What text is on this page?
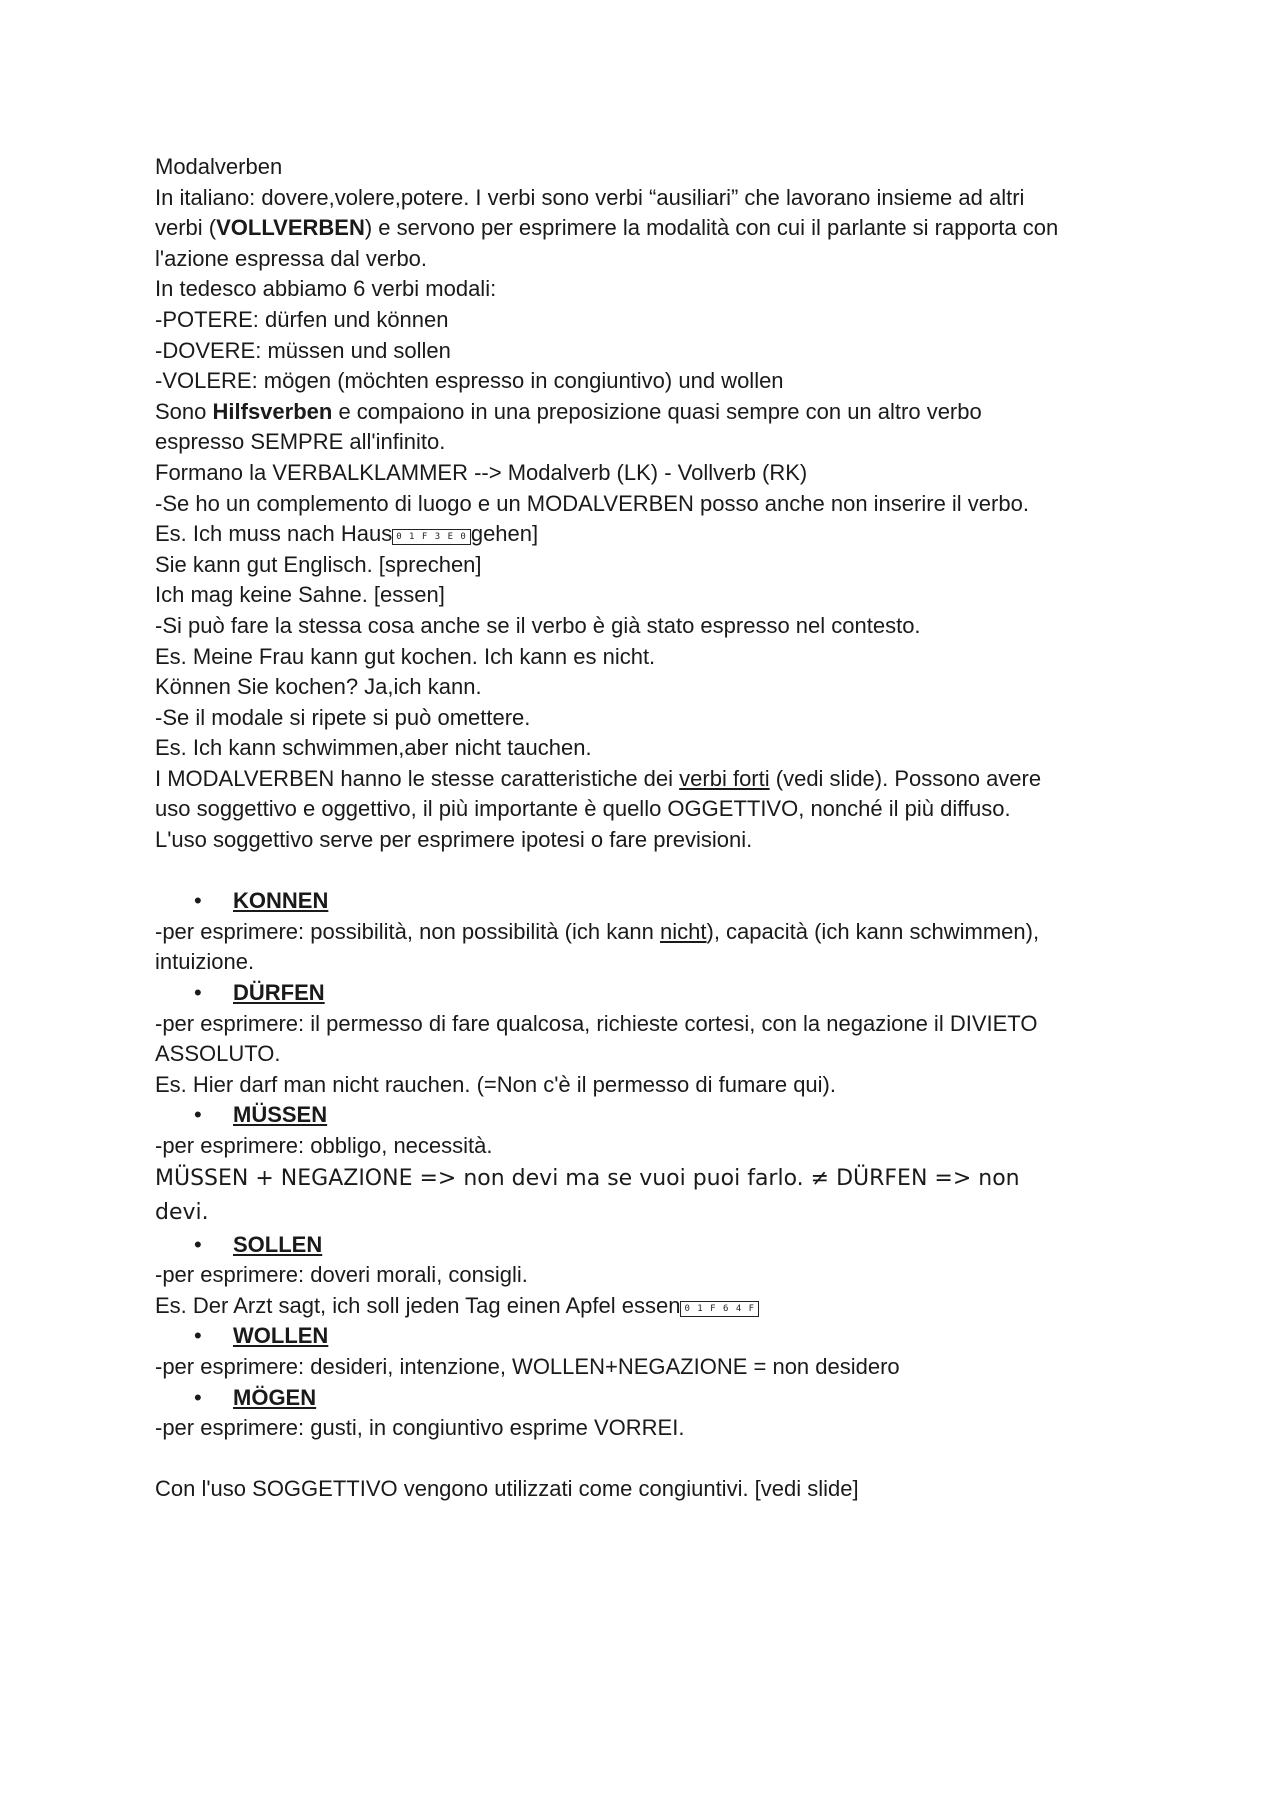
Modalverben

In italiano: dovere,volere,potere. I verbi sono verbi “ausiliari” che lavorano insieme ad altri

verbi (VOLLVERBEN) e servono per esprimere la modalità con cui il parlante si rapporta con

l'azione espressa dal verbo.

In tedesco abbiamo 6 verbi modali:

-POTERE: dürfen und können

-DOVERE: müssen und sollen

-VOLERE: mögen (möchten espresso in congiuntivo) und wollen

Sono Hilfsverben e compaiono in una preposizione quasi sempre con un altro verbo

espresso SEMPRE all'infinito.

Formano la VERBALKLAMMER --> Modalverb (LK) - Vollverb (RK)

-Se ho un complemento di luogo e un MODALVERBEN posso anche non inserire il verbo.

Es. Ich muss nach Haus 0 1 F 3 E 0 gehen]

Sie kann gut Englisch. [sprechen]

Ich mag keine Sahne. [essen]

-Si può fare la stessa cosa anche se il verbo è già stato espresso nel contesto.

Es. Meine Frau kann gut kochen. Ich kann es nicht.

Können Sie kochen? Ja,ich kann.

-Se il modale si ripete si può omettere.

Es. Ich kann schwimmen,aber nicht tauchen.

I MODALVERBEN hanno le stesse caratteristiche dei verbi forti (vedi slide). Possono avere

uso soggettivo e oggettivo, il più importante è quello OGGETTIVO, nonché il più diffuso.

L'uso soggettivo serve per esprimere ipotesi o fare previsioni.

• KONNEN

-per esprimere: possibilità, non possibilità (ich kann nicht), capacità (ich kann schwimmen),

intuizione.

• DÜRFEN

-per esprimere: il permesso di fare qualcosa, richieste cortesi, con la negazione il DIVIETO

ASSOLUTO.

Es. Hier darf man nicht rauchen. (=Non c'è il permesso di fumare qui).

• MÜSSEN

-per esprimere: obbligo, necessità.

MÜSSEN + NEGAZIONE => non devi ma se vuoi puoi farlo. ≠ DÜRFEN => non

devi.

• SOLLEN

-per esprimere: doveri morali, consigli.

Es. Der Arzt sagt, ich soll jeden Tag einen Apfel essen 0 1 F 6 4 F

• WOLLEN

-per esprimere: desideri, intenzione, WOLLEN+NEGAZIONE = non desidero

• MÖGEN

-per esprimere: gusti, in congiuntivo esprime VORREI.

Con l'uso SOGGETTIVO vengono utilizzati come congiuntivi. [vedi slide]
